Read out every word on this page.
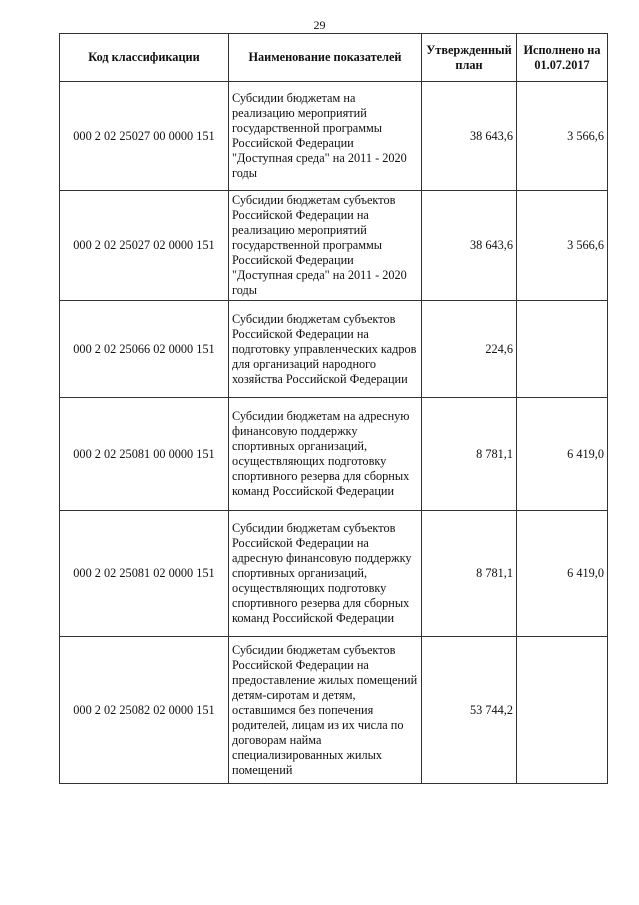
29
Код классификации	Наименование показателей	Утвержденный план	Исполнено на 01.07.2017
000 2 02 25027 00 0000 151	Субсидии бюджетам на реализацию мероприятий государственной программы Российской Федерации "Доступная среда" на 2011 - 2020 годы	38 643,6	3 566,6
000 2 02 25027 02 0000 151	Субсидии бюджетам субъектов Российской Федерации на реализацию мероприятий государственной программы Российской Федерации "Доступная среда" на 2011 - 2020 годы	38 643,6	3 566,6
000 2 02 25066 02 0000 151	Субсидии бюджетам субъектов Российской Федерации на подготовку управленческих кадров для организаций народного хозяйства Российской Федерации	224,6	
000 2 02 25081 00 0000 151	Субсидии бюджетам на адресную финансовую поддержку спортивных организаций, осуществляющих подготовку спортивного резерва для сборных команд Российской Федерации	8 781,1	6 419,0
000 2 02 25081 02 0000 151	Субсидии бюджетам субъектов Российской Федерации на адресную финансовую поддержку спортивных организаций, осуществляющих подготовку спортивного резерва для сборных команд Российской Федерации	8 781,1	6 419,0
000 2 02 25082 02 0000 151	Субсидии бюджетам субъектов Российской Федерации на предоставление жилых помещений детям-сиротам и детям, оставшимся без попечения родителей, лицам из их числа по договорам найма специализированных жилых помещений	53 744,2	
